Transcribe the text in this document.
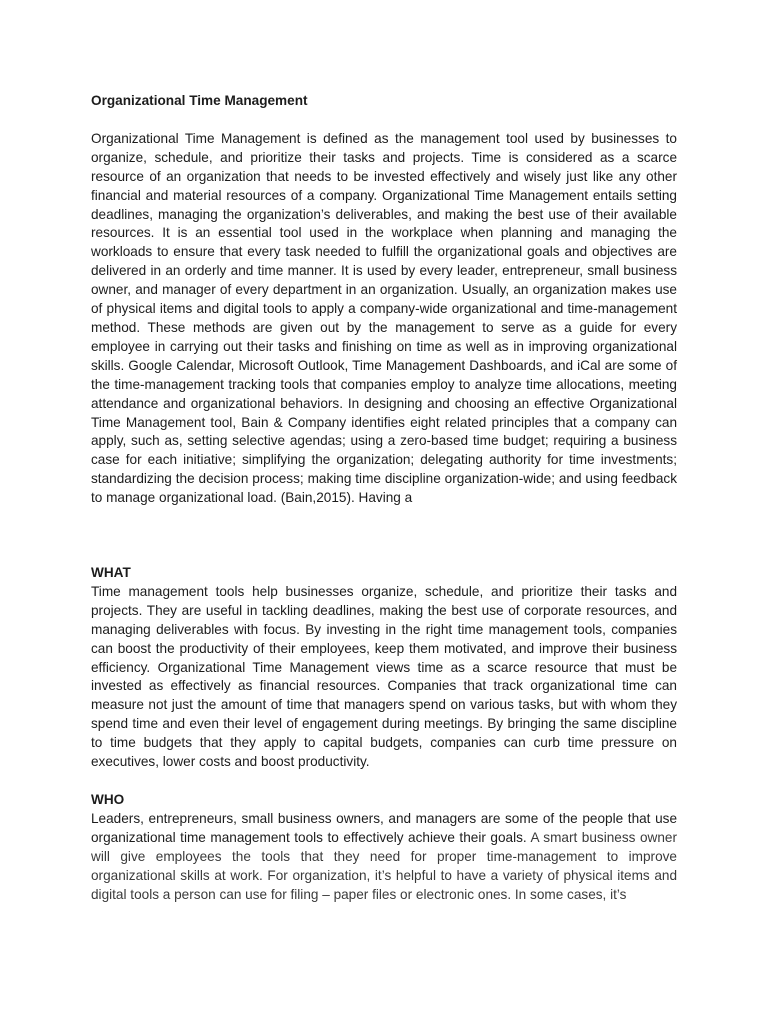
Organizational Time Management

Organizational Time Management is defined as the management tool used by businesses to organize, schedule, and prioritize their tasks and projects. Time is considered as a scarce resource of an organization that needs to be invested effectively and wisely just like any other financial and material resources of a company. Organizational Time Management entails setting deadlines, managing the organization’s deliverables, and making the best use of their available resources. It is an essential tool used in the workplace when planning and managing the workloads to ensure that every task needed to fulfill the organizational goals and objectives are delivered in an orderly and time manner. It is used by every leader, entrepreneur, small business owner, and manager of every department in an organization. Usually, an organization makes use of physical items and digital tools to apply a company-wide organizational and time-management method. These methods are given out by the management to serve as a guide for every employee in carrying out their tasks and finishing on time as well as in improving organizational skills. Google Calendar, Microsoft Outlook, Time Management Dashboards, and iCal are some of the time-management tracking tools that companies employ to analyze time allocations, meeting attendance and organizational behaviors. In designing and choosing an effective Organizational Time Management tool, Bain & Company identifies eight related principles that a company can apply, such as, setting selective agendas; using a zero-based time budget; requiring a business case for each initiative; simplifying the organization; delegating authority for time investments; standardizing the decision process; making time discipline organization-wide; and using feedback to manage organizational load. (Bain,2015). Having a

WHAT

Time management tools help businesses organize, schedule, and prioritize their tasks and projects. They are useful in tackling deadlines, making the best use of corporate resources, and managing deliverables with focus. By investing in the right time management tools, companies can boost the productivity of their employees, keep them motivated, and improve their business efficiency. Organizational Time Management views time as a scarce resource that must be invested as effectively as financial resources. Companies that track organizational time can measure not just the amount of time that managers spend on various tasks, but with whom they spend time and even their level of engagement during meetings. By bringing the same discipline to time budgets that they apply to capital budgets, companies can curb time pressure on executives, lower costs and boost productivity.

WHO

Leaders, entrepreneurs, small business owners, and managers are some of the people that use organizational time management tools to effectively achieve their goals. A smart business owner will give employees the tools that they need for proper time-management to improve organizational skills at work. For organization, it’s helpful to have a variety of physical items and digital tools a person can use for filing – paper files or electronic ones. In some cases, it’s
